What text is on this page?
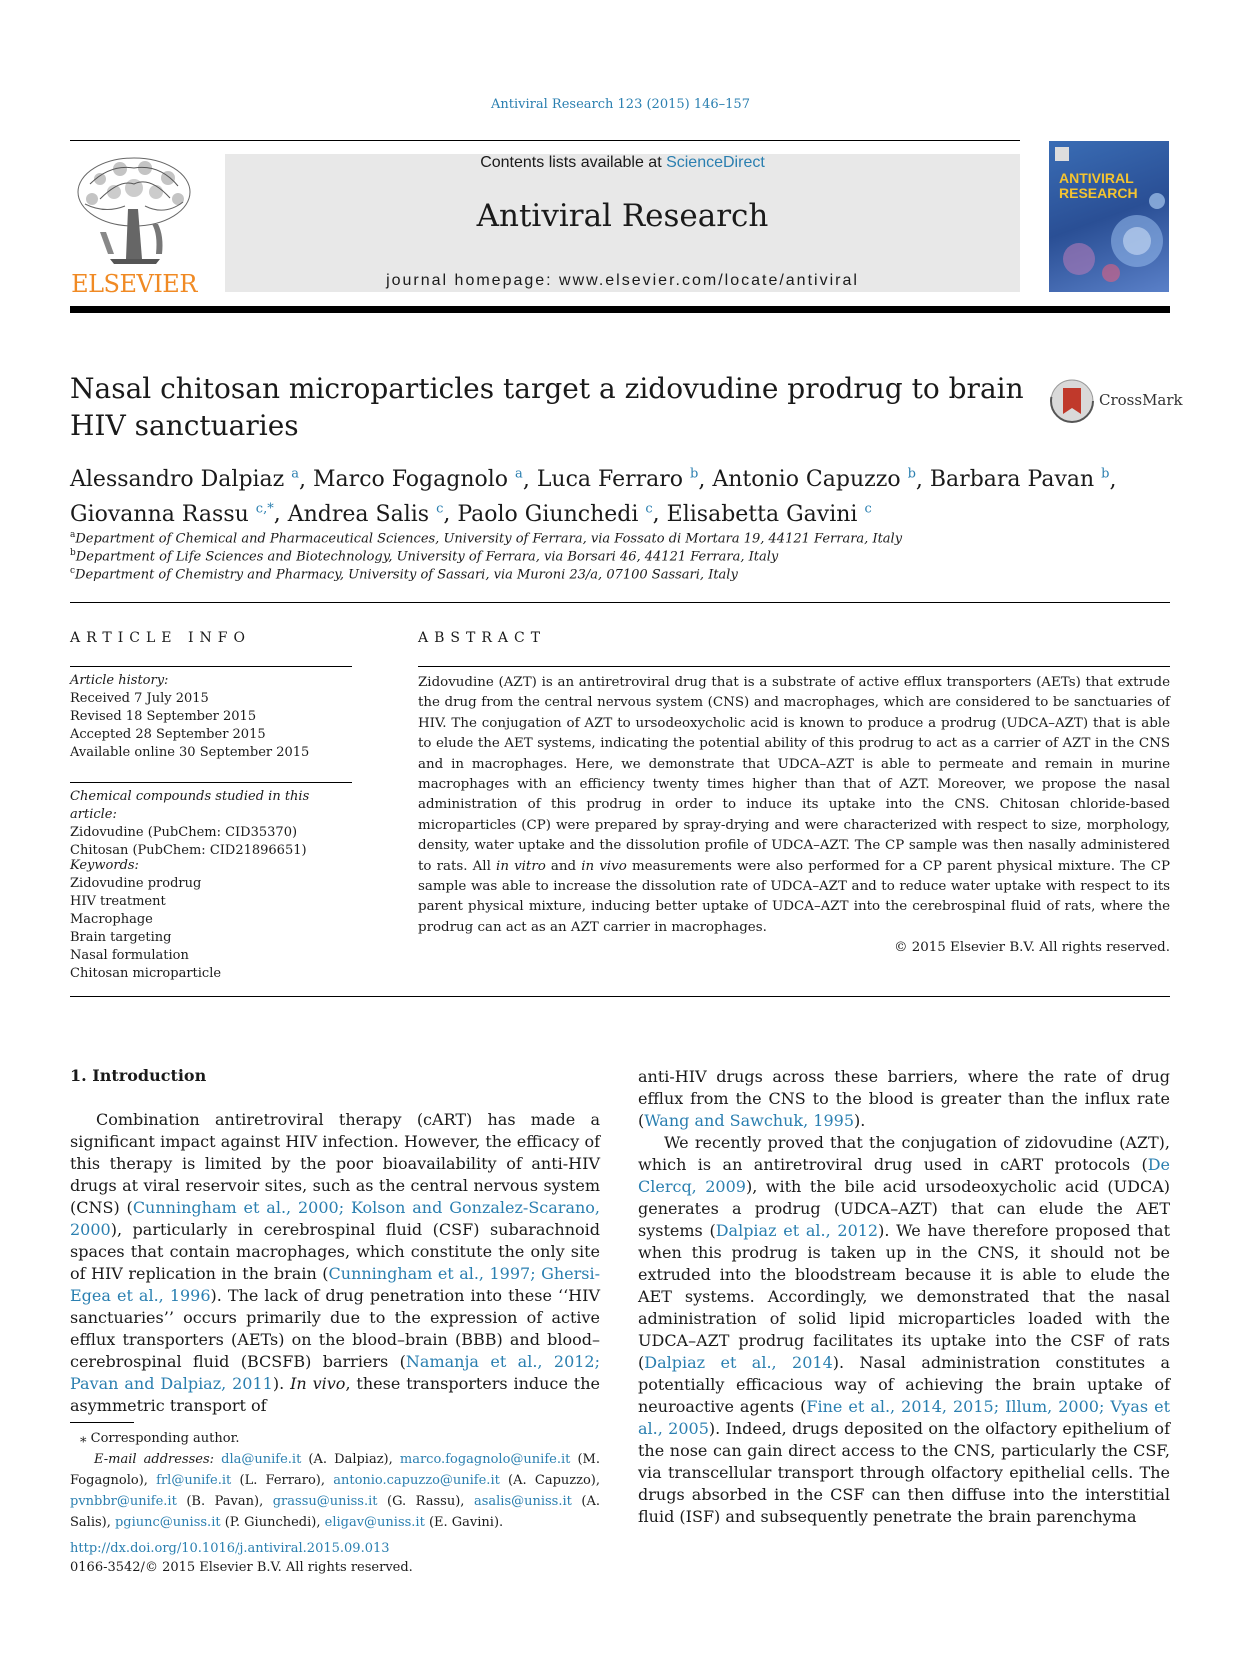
Antiviral Research 123 (2015) 146–157
ELSEVIER
Contents lists available at ScienceDirect
Antiviral Research
journal homepage: www.elsevier.com/locate/antiviral
ANTIVIRAL RESEARCH
Nasal chitosan microparticles target a zidovudine prodrug to brain HIV sanctuaries
CrossMark
Alessandro Dalpiaz $^a$, Marco Fogagnolo $^a$, Luca Ferraro $^b$, Antonio Capuzzo $^b$, Barbara Pavan $^b$,
Giovanna Rassu $^{c,*}$, Andrea Salis $^c$, Paolo Giunchedi $^c$, Elisabetta Gavini $^c$
$^a$Department of Chemical and Pharmaceutical Sciences, University of Ferrara, via Fossato di Mortara 19, 44121 Ferrara, Italy
$^b$Department of Life Sciences and Biotechnology, University of Ferrara, via Borsari 46, 44121 Ferrara, Italy
$^c$Department of Chemistry and Pharmacy, University of Sassari, via Muroni 23/a, 07100 Sassari, Italy
ARTICLE INFO
Article history:
Received 7 July 2015
Revised 18 September 2015
Accepted 28 September 2015
Available online 30 September 2015
Chemical compounds studied in this article:
Zidovudine (PubChem: CID35370)
Chitosan (PubChem: CID21896651)
Keywords:
Zidovudine prodrug
HIV treatment
Macrophage
Brain targeting
Nasal formulation
Chitosan microparticle
ABSTRACT
Zidovudine (AZT) is an antiretroviral drug that is a substrate of active efflux transporters (AETs) that extrude the drug from the central nervous system (CNS) and macrophages, which are considered to be sanctuaries of HIV. The conjugation of AZT to ursodeoxycholic acid is known to produce a prodrug (UDCA–AZT) that is able to elude the AET systems, indicating the potential ability of this prodrug to act as a carrier of AZT in the CNS and in macrophages. Here, we demonstrate that UDCA–AZT is able to permeate and remain in murine macrophages with an efficiency twenty times higher than that of AZT. Moreover, we propose the nasal administration of this prodrug in order to induce its uptake into the CNS. Chitosan chloride-based microparticles (CP) were prepared by spray-drying and were characterized with respect to size, morphology, density, water uptake and the dissolution profile of UDCA–AZT. The CP sample was then nasally administered to rats. All in vitro and in vivo measurements were also performed for a CP parent physical mixture. The CP sample was able to increase the dissolution rate of UDCA–AZT and to reduce water uptake with respect to its parent physical mixture, inducing better uptake of UDCA–AZT into the cerebrospinal fluid of rats, where the prodrug can act as an AZT carrier in macrophages.
© 2015 Elsevier B.V. All rights reserved.
1. Introduction

Combination antiretroviral therapy (cART) has made a significant impact against HIV infection. However, the efficacy of this therapy is limited by the poor bioavailability of anti-HIV drugs at viral reservoir sites, such as the central nervous system (CNS) (Cunningham et al., 2000; Kolson and Gonzalez-Scarano, 2000), particularly in cerebrospinal fluid (CSF) subarachnoid spaces that contain macrophages, which constitute the only site of HIV replication in the brain (Cunningham et al., 1997; Ghersi-Egea et al., 1996). The lack of drug penetration into these ‘‘HIV sanctuaries’’ occurs primarily due to the expression of active efflux transporters (AETs) on the blood–brain (BBB) and blood–cerebrospinal fluid (BCSFB) barriers (Namanja et al., 2012; Pavan and Dalpiaz, 2011). In vivo, these transporters induce the asymmetric transport of

anti-HIV drugs across these barriers, where the rate of drug efflux from the CNS to the blood is greater than the influx rate (Wang and Sawchuk, 1995).

We recently proved that the conjugation of zidovudine (AZT), which is an antiretroviral drug used in cART protocols (De Clercq, 2009), with the bile acid ursodeoxycholic acid (UDCA) generates a prodrug (UDCA–AZT) that can elude the AET systems (Dalpiaz et al., 2012). We have therefore proposed that when this prodrug is taken up in the CNS, it should not be extruded into the bloodstream because it is able to elude the AET systems. Accordingly, we demonstrated that the nasal administration of solid lipid microparticles loaded with the UDCA–AZT prodrug facilitates its uptake into the CSF of rats (Dalpiaz et al., 2014). Nasal administration constitutes a potentially efficacious way of achieving the brain uptake of neuroactive agents (Fine et al., 2014, 2015; Illum, 2000; Vyas et al., 2005). Indeed, drugs deposited on the olfactory epithelium of the nose can gain direct access to the CNS, particularly the CSF, via transcellular transport through olfactory epithelial cells. The drugs absorbed in the CSF can then diffuse into the interstitial fluid (ISF) and subsequently penetrate the brain parenchyma

⁎ Corresponding author.
E-mail addresses: dla@unife.it (A. Dalpiaz), marco.fogagnolo@unife.it (M. Fogagnolo), frl@unife.it (L. Ferraro), antonio.capuzzo@unife.it (A. Capuzzo), pvnbbr@unife.it (B. Pavan), grassu@uniss.it (G. Rassu), asalis@uniss.it (A. Salis), pgiunc@uniss.it (P. Giunchedi), eligav@uniss.it (E. Gavini).
http://dx.doi.org/10.1016/j.antiviral.2015.09.013
0166-3542/© 2015 Elsevier B.V. All rights reserved.
